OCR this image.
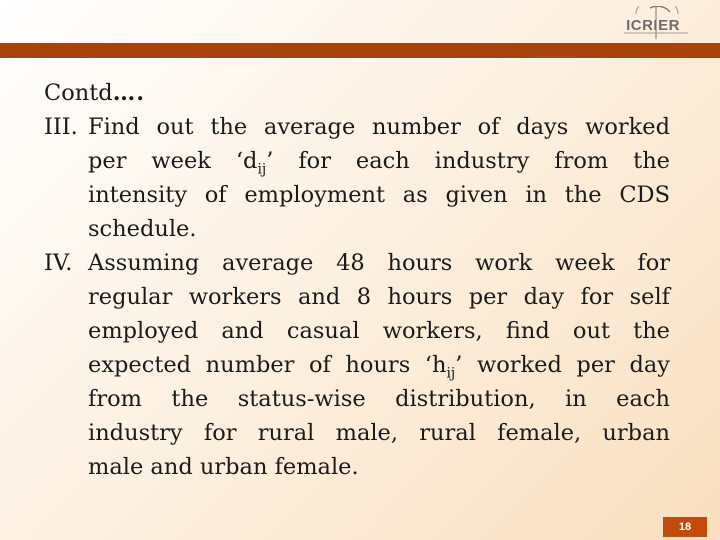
ICRIER
Contd….
III. Find out the average number of days worked
per week ‘$d_{ij}$’ for each industry from the
intensity of employment as given in the CDS
schedule.
IV. Assuming average 48 hours work week for
regular workers and 8 hours per day for self
employed and casual workers, find out the
expected number of hours ‘$h_{ij}$’ worked per day
from the status-wise distribution, in each
industry for rural male, rural female, urban
male and urban female.
18
